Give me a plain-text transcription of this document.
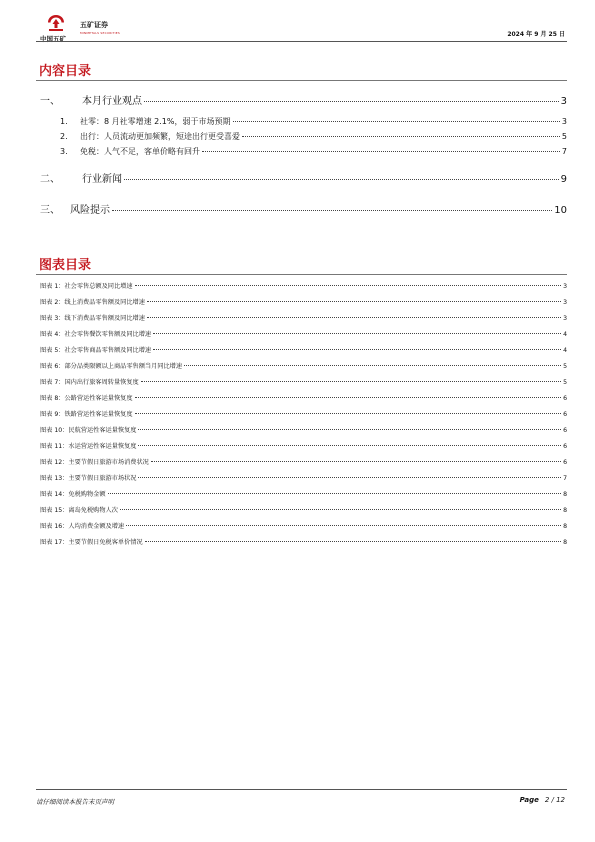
中国五矿
五矿证券
MINMETALS SECURITIES	2024 年 9 月 25 日
内容目录
一、 本月行业观点	3
1.	社零：8 月社零增速 2.1%，弱于市场预期	3
2.	出行：人员流动更加频繁，短途出行更受喜爱	5
3.	免税：人气不足，客单价略有回升	7
二、 行业新闻	9
三、 风险提示	10
图表目录
图表 1：社会零售总额及同比增速	3
图表 2：线上消费品零售额及同比增速	3
图表 3：线下消费品零售额及同比增速	3
图表 4：社会零售餐饮零售额及同比增速	4
图表 5：社会零售商品零售额及同比增速	4
图表 6：部分品类限额以上商品零售额当月同比增速	5
图表 7：国内出行旅客周转量恢复度	5
图表 8：公路营运性客运量恢复度	6
图表 9：铁路营运性客运量恢复度	6
图表 10：民航营运性客运量恢复度	6
图表 11：水运营运性客运量恢复度	6
图表 12：主要节假日旅游市场消费状况	6
图表 13：主要节假日旅游市场状况	7
图表 14：免税购物金额	8
图表 15：离岛免税购物人次	8
图表 16：人均消费金额及增速	8
图表 17：主要节假日免税客单价情况	8
请仔细阅读本报告末页声明	Page 2 / 12
